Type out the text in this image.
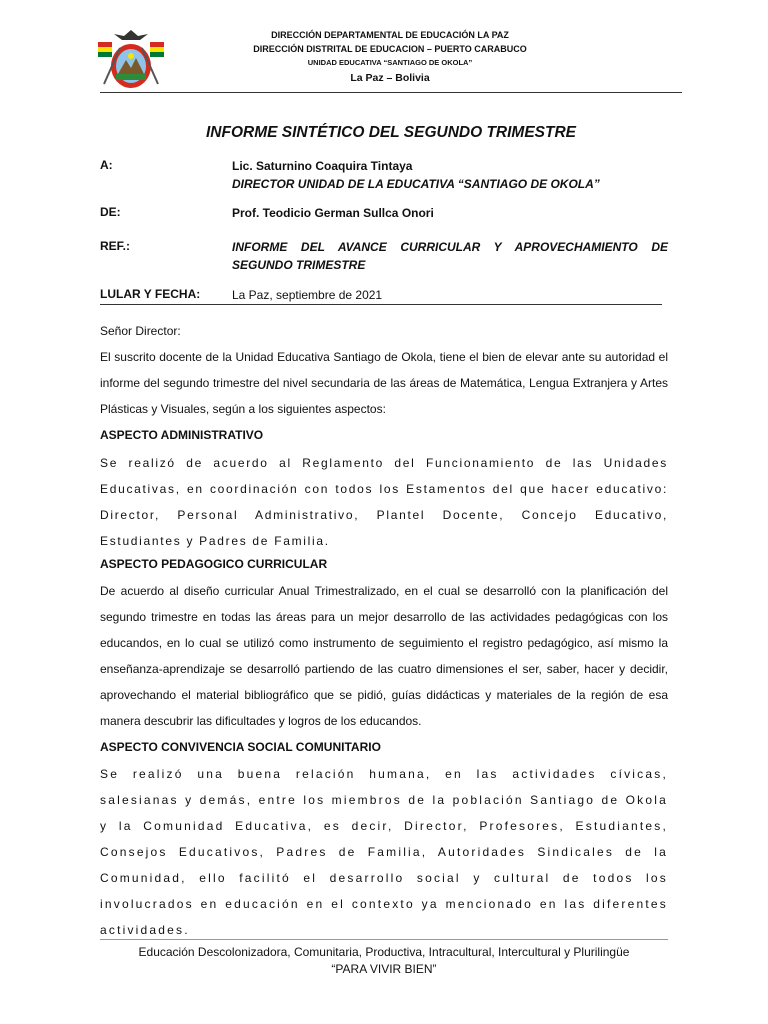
DIRECCIÓN DEPARTAMENTAL DE EDUCACIÓN LA PAZ
DIRECCIÓN DISTRITAL DE EDUCACION – PUERTO CARABUCO
UNIDAD EDUCATIVA “SANTIAGO DE OKOLA”
La Paz – Bolivia
INFORME SINTÉTICO DEL SEGUNDO TRIMESTRE
A:	Lic. Saturnino Coaquira Tintaya
DIRECTOR UNIDAD DE LA EDUCATIVA “SANTIAGO DE OKOLA”
DE:	Prof. Teodicio German Sullca Onori
REF.:	INFORME DEL AVANCE CURRICULAR Y APROVECHAMIENTO DE SEGUNDO TRIMESTRE
LULAR Y FECHA:	La Paz, septiembre de 2021
Señor Director:
El suscrito docente de la Unidad Educativa Santiago de Okola, tiene el bien de elevar ante su autoridad el informe del segundo trimestre del nivel secundaria de las áreas de Matemática, Lengua Extranjera y Artes Plásticas y Visuales, según a los siguientes aspectos:
ASPECTO ADMINISTRATIVO
Se realizó de acuerdo al Reglamento del Funcionamiento de las Unidades Educativas, en coordinación con todos los Estamentos del que hacer educativo: Director, Personal Administrativo, Plantel Docente, Concejo Educativo, Estudiantes y Padres de Familia.
ASPECTO PEDAGOGICO CURRICULAR
De acuerdo al diseño curricular Anual Trimestralizado, en el cual se desarrolló con la planificación del segundo trimestre en todas las áreas para un mejor desarrollo de las actividades pedagógicas con los educandos, en lo cual se utilizó como instrumento de seguimiento el registro pedagógico, así mismo la enseñanza-aprendizaje se desarrolló partiendo de las cuatro dimensiones el ser, saber, hacer y decidir, aprovechando el material bibliográfico que se pidió, guías didácticas y materiales de la región de esa manera descubrir las dificultades y logros de los educandos.
ASPECTO CONVIVENCIA SOCIAL COMUNITARIO
Se realizó una buena relación humana, en las actividades cívicas, salesianas y demás, entre los miembros de la población Santiago de Okola y la Comunidad Educativa, es decir, Director, Profesores, Estudiantes, Consejos Educativos, Padres de Familia, Autoridades Sindicales de la Comunidad, ello facilitó el desarrollo social y cultural de todos los involucrados en educación en el contexto ya mencionado en las diferentes actividades.
Educación Descolonizadora, Comunitaria, Productiva, Intracultural, Intercultural y Plurilingüe
“PARA VIVIR BIEN”
